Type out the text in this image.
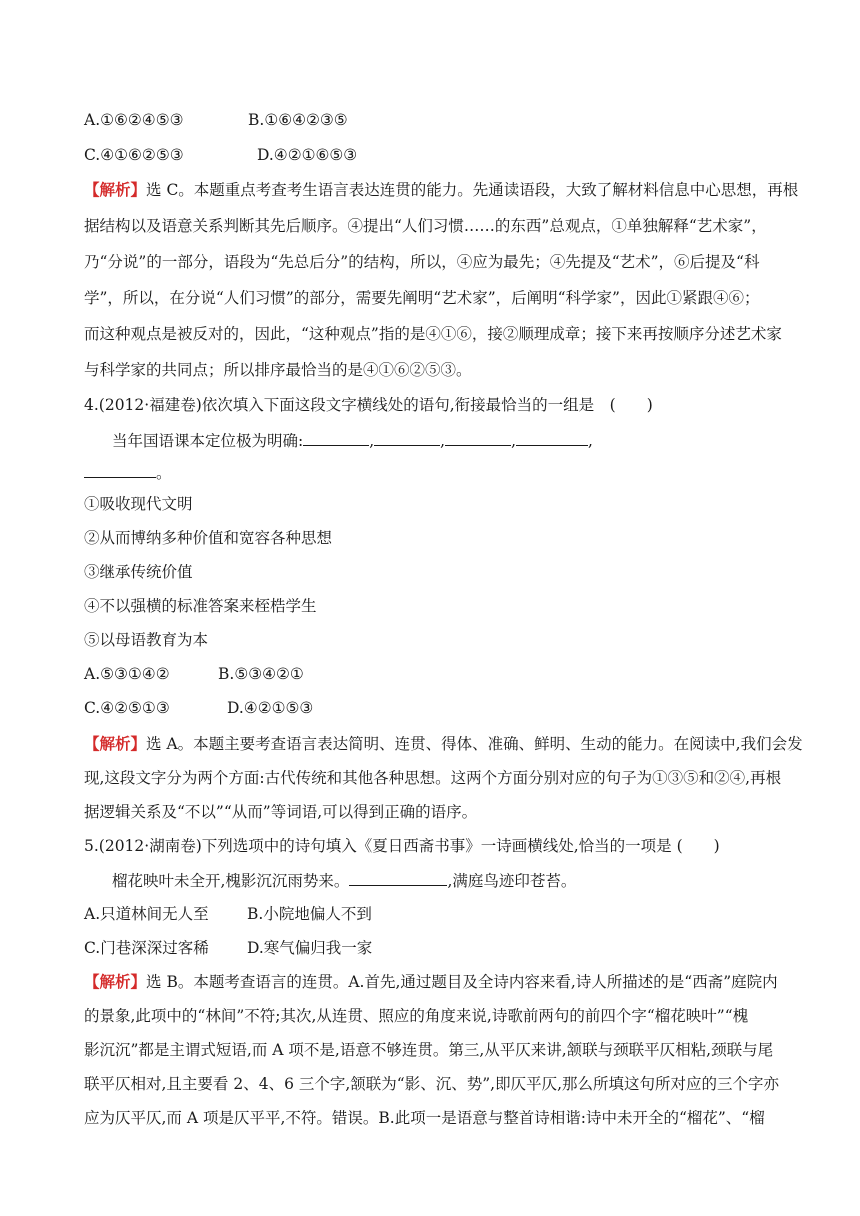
A.①⑥②④⑤③	B.①⑥④②③⑤
C.④①⑥②⑤③	D.④②①⑥⑤③
【解析】选 C。本题重点考查考生语言表达连贯的能力。先通读语段，大致了解材料信息中心思想，再根
据结构以及语意关系判断其先后顺序。④提出“人们习惯……的东西”总观点，①单独解释“艺术家”，
乃“分说”的一部分，语段为“先总后分”的结构，所以，④应为最先；④先提及“艺术”，⑥后提及“科
学”，所以，在分说“人们习惯”的部分，需要先阐明“艺术家”，后阐明“科学家”，因此①紧跟④⑥；
而这种观点是被反对的，因此，“这种观点”指的是④①⑥，接②顺理成章；接下来再按顺序分述艺术家
与科学家的共同点；所以排序最恰当的是④①⑥②⑤③。
4.(2012·福建卷)依次填入下面这段文字横线处的语句,衔接最恰当的一组是　(　　)
当年国语课本定位极为明确:	,	,	,	,
。
①吸收现代文明
②从而博纳多种价值和宽容各种思想
③继承传统价值
④不以强横的标准答案来桎梏学生
⑤以母语教育为本
A.⑤③①④②	B.⑤③④②①
C.④②⑤①③	D.④②①⑤③
【解析】选 A。本题主要考查语言表达简明、连贯、得体、准确、鲜明、生动的能力。在阅读中,我们会发
现,这段文字分为两个方面:古代传统和其他各种思想。这两个方面分别对应的句子为①③⑤和②④,再根
据逻辑关系及“不以”“从而”等词语,可以得到正确的语序。
5.(2012·湖南卷)下列选项中的诗句填入《夏日西斋书事》一诗画横线处,恰当的一项是 (　　)
榴花映叶未全开,槐影沉沉雨势来。	,满庭鸟迹印苍苔。
A.只道林间无人至 B.小院地偏人不到
C.门巷深深过客稀 D.寒气偏归我一家
【解析】选 B。本题考查语言的连贯。A.首先,通过题目及全诗内容来看,诗人所描述的是“西斋”庭院内
的景象,此项中的“林间”不符;其次,从连贯、照应的角度来说,诗歌前两句的前四个字“榴花映叶”“槐
影沉沉”都是主谓式短语,而 A 项不是,语意不够连贯。第三,从平仄来讲,颔联与颈联平仄相粘,颈联与尾
联平仄相对,且主要看 2、4、6 三个字,颔联为“影、沉、势”,即仄平仄,那么所填这句所对应的三个字亦
应为仄平仄,而 A 项是仄平平,不符。错误。B.此项一是语意与整首诗相谐:诗中未开全的“榴花”、“榴
